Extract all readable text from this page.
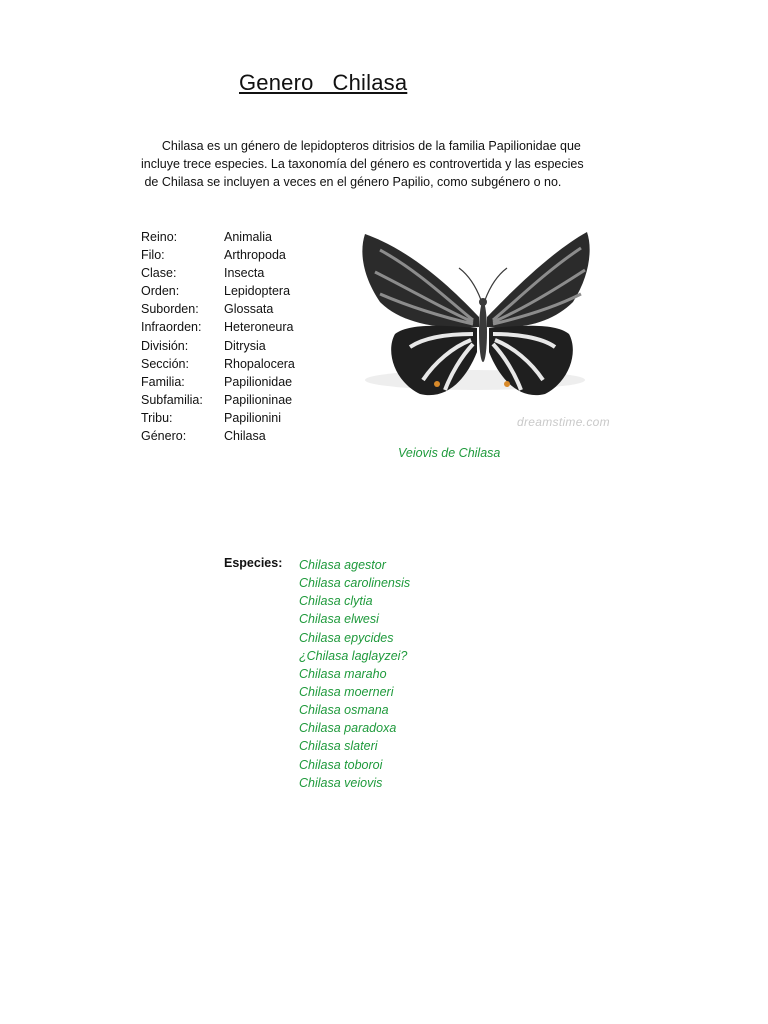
Genero   Chilasa
Chilasa es un género de lepidopteros ditrisios de la familia Papilionidae que
incluye trece especies. La taxonomía del género es controvertida y las especies
de Chilasa se incluyen a veces en el género Papilio, como subgénero o no.
Reino:	Animalia
Filo:	Arthropoda
Clase:	Insecta
Orden:	Lepidoptera
Suborden:	Glossata
Infraorden:	Heteroneura
División:	Ditrysia
Sección:	Rhopalocera
Familia:	Papilionidae
Subfamilia:	Papilioninae
Tribu:	Papilionini
Género:	Chilasa
dreamstime.com
Veiovis de Chilasa
Especies: Chilasa agestor
Chilasa carolinensis
Chilasa clytia
Chilasa elwesi
Chilasa epycides
¿Chilasa laglayzei?
Chilasa maraho
Chilasa moerneri
Chilasa osmana
Chilasa paradoxa
Chilasa slateri
Chilasa toboroi
Chilasa veiovis
